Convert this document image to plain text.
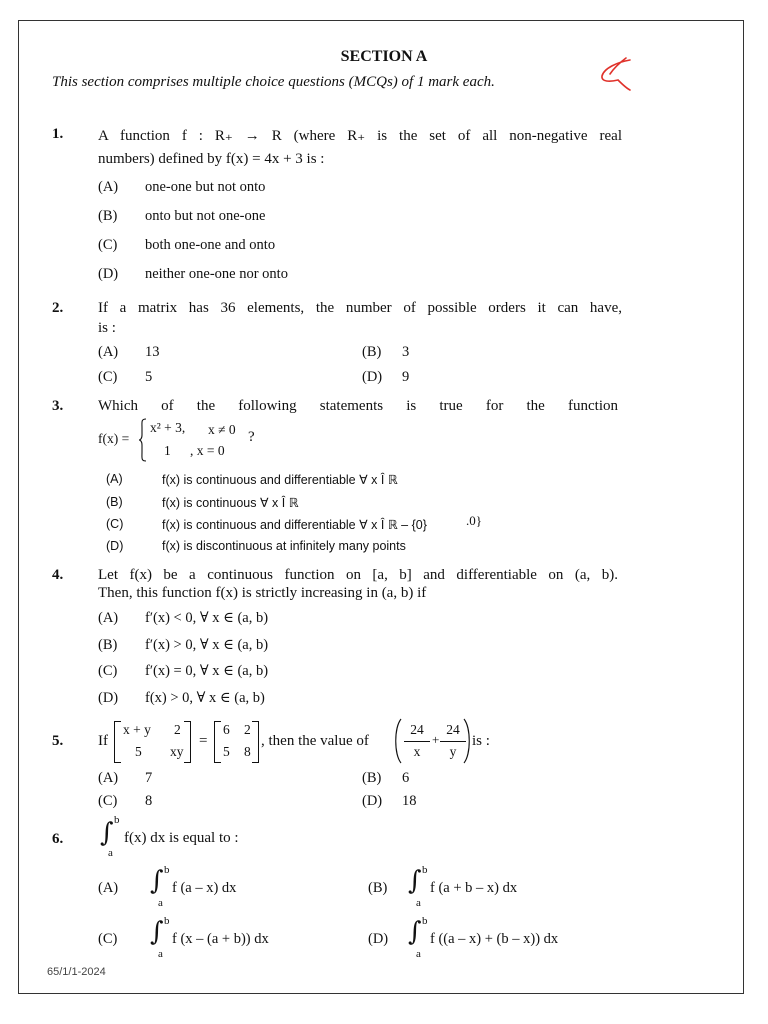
SECTION A
This section comprises multiple choice questions (MCQs) of 1 mark each.
1. A function f : R₊ → R (where R₊ is the set of all non-negative real
numbers) defined by f(x) = 4x + 3 is :
(A) one-one but not onto
(B) onto but not one-one
(C) both one-one and onto
(D) neither one-one nor onto
2. If a matrix has 36 elements, the number of possible orders it can have,
is :
(A) 13	(B) 3
(C) 5	(D) 9
3. Which of the following statements is true for the function
f(x) =
x² + 3, x ≠ 0
1 , x = 0
?
(A)	f(x) is continuous and differentiable ∀ x Î ℝ
(B)	f(x) is continuous ∀ x Î ℝ
(C)	f(x) is continuous and differentiable ∀ x Î ℝ – {0}	.0}
(D)	f(x) is discontinuous at infinitely many points
4. Let f(x) be a continuous function on [a, b] and differentiable on (a, b).
Then, this function f(x) is strictly increasing in (a, b) if
(A) f′(x) < 0, ∀ x ∈ (a, b)
(B) f′(x) > 0, ∀ x ∈ (a, b)
(C) f′(x) = 0, ∀ x ∈ (a, b)
(D) f(x) > 0, ∀ x ∈ (a, b)
5. If
x + y 2
5 xy
=
6 2
5 8
, then the value of
24
x
+
24
y
is :
(A) 7	(B) 6
(C) 8	(D) 18
6. ∫ b
a
f(x) dx is equal to :
(A) ∫ b
a
f (a – x) dx	(B) ∫ b
a
f (a + b – x) dx
(C) ∫ b
a
f (x – (a + b)) dx	(D) ∫ b
a
f ((a – x) + (b – x)) dx
65/1/1-2024
